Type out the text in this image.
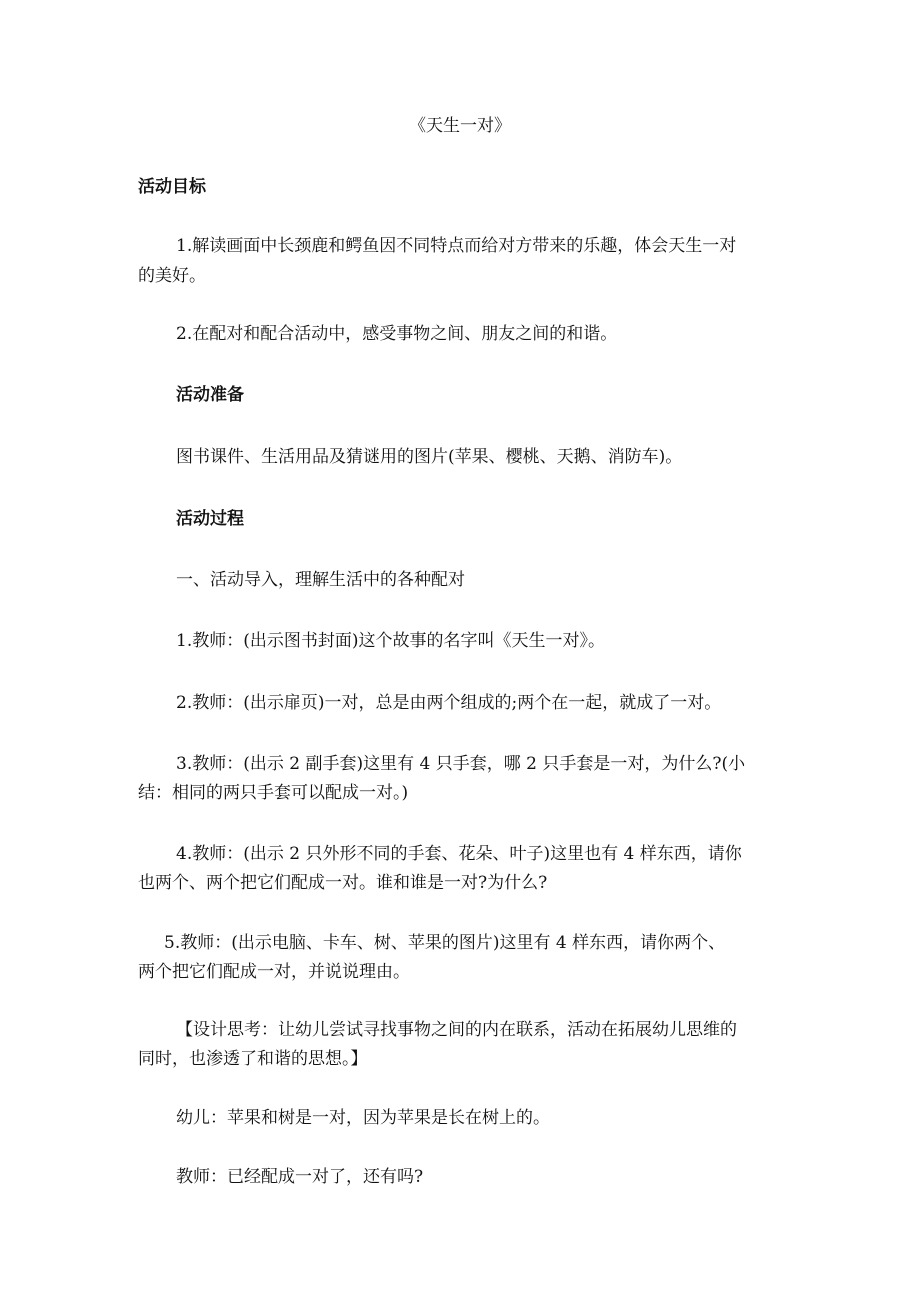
《天生一对》
活动目标
1.解读画面中长颈鹿和鳄鱼因不同特点而给对方带来的乐趣，体会天生一对
的美好。
2.在配对和配合活动中，感受事物之间、朋友之间的和谐。
活动准备
图书课件、生活用品及猜谜用的图片(苹果、樱桃、天鹅、消防车)。
活动过程
一、活动导入，理解生活中的各种配对
1.教师：(出示图书封面)这个故事的名字叫《天生一对》。
2.教师：(出示扉页)一对，总是由两个组成的;两个在一起，就成了一对。
3.教师：(出示 2 副手套)这里有 4 只手套，哪 2 只手套是一对，为什么?(小
结：相同的两只手套可以配成一对。)
4.教师：(出示 2 只外形不同的手套、花朵、叶子)这里也有 4 样东西，请你
也两个、两个把它们配成一对。谁和谁是一对?为什么?
5.教师：(出示电脑、卡车、树、苹果的图片)这里有 4 样东西，请你两个、
两个把它们配成一对，并说说理由。
【设计思考：让幼儿尝试寻找事物之间的内在联系，活动在拓展幼儿思维的
同时，也渗透了和谐的思想。】
幼儿：苹果和树是一对，因为苹果是长在树上的。
教师：已经配成一对了，还有吗?
